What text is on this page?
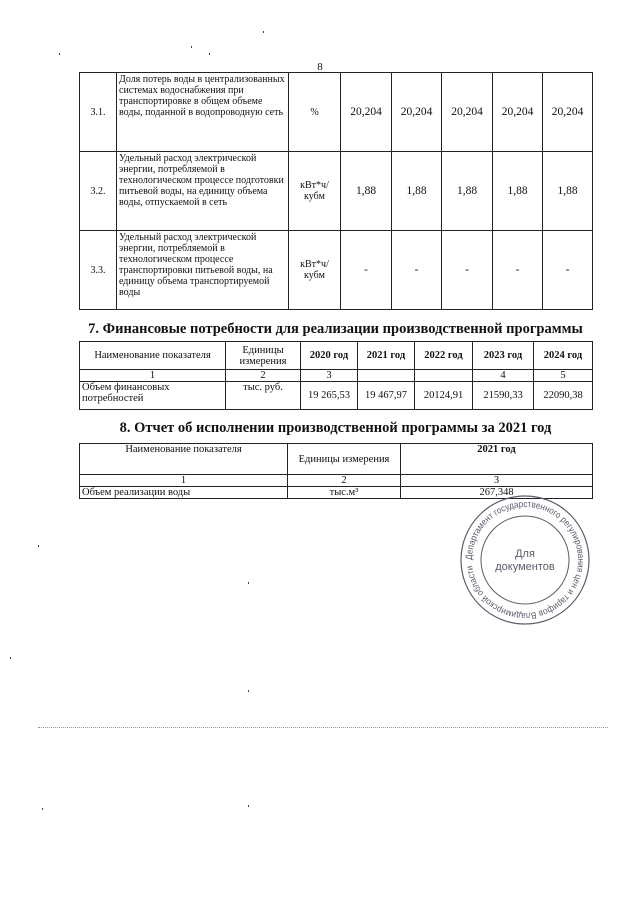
8
3.1.	Доля потерь воды в централизованных системах водоснабжения при транспортировке в общем объеме воды, поданной в водопроводную сеть	%	20,204	20,204	20,204	20,204	20,204
3.2.	Удельный расход электрической энергии, потребляемой в технологическом процессе подготовки питьевой воды, на единицу объема воды, отпускаемой в сеть	кВт*ч/ кубм	1,88	1,88	1,88	1,88	1,88
3.3.	Удельный расход электрической энергии, потребляемой в технологическом процессе транспортировки питьевой воды, на единицу объема транспортируемой воды	кВт*ч/ кубм	-	-	-	-	-
7. Финансовые потребности для реализации производственной программы
Наименование показателя	Единицы измерения	2020 год	2021 год	2022 год	2023 год	2024 год
1	2	3			4	5
Объем финансовых потребностей	тыс. руб.	19 265,53	19 467,97	20124,91	21590,33	22090,38
8. Отчет об исполнении производственной программы за 2021 год
Наименование показателя	Единицы измерения	2021 год
1	2	3
Объем реализации воды	тыс.м³	267,348
Департамент государственного регулирования цен и тарифов Владимирской области
Для
документов
